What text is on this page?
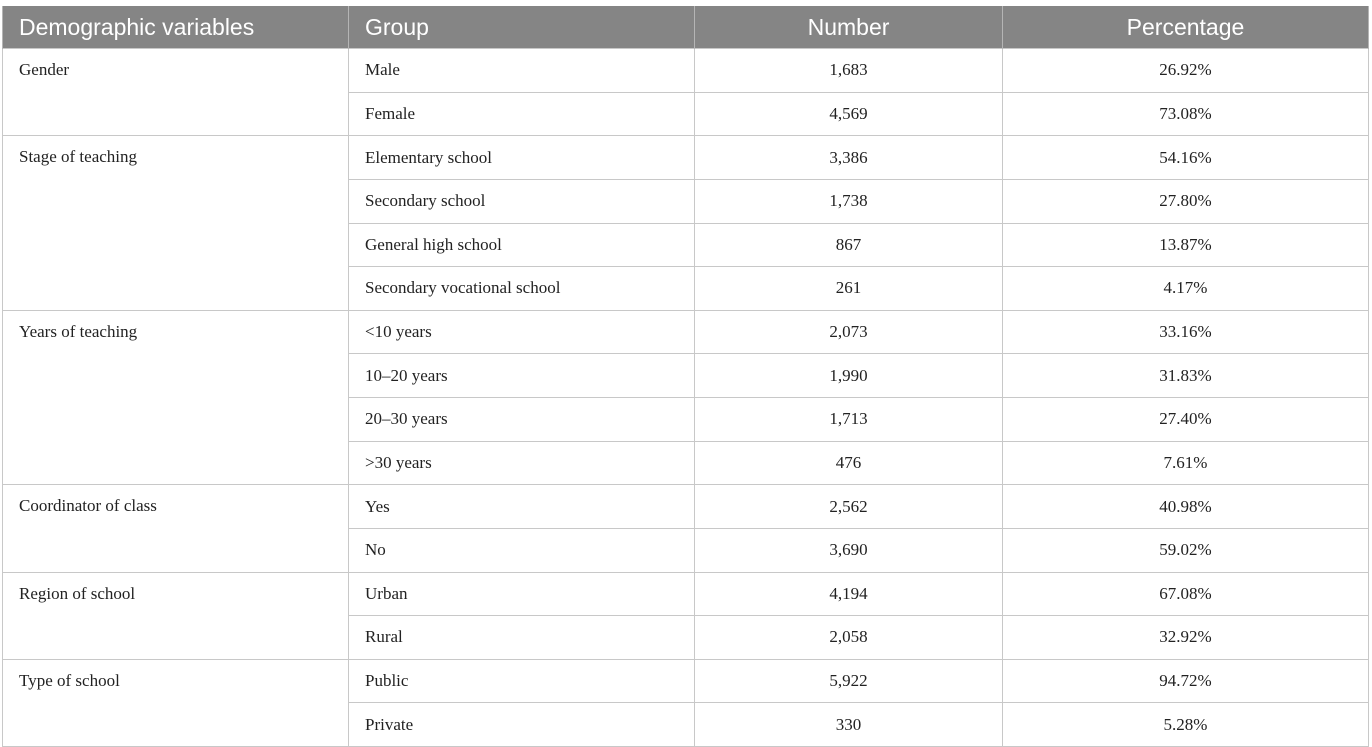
Demographic variables	Group	Number	Percentage
Gender	Male	1,683	26.92%
	Female	4,569	73.08%
Stage of teaching	Elementary school	3,386	54.16%
	Secondary school	1,738	27.80%
	General high school	867	13.87%
	Secondary vocational school	261	4.17%
Years of teaching	<10 years	2,073	33.16%
	10–20 years	1,990	31.83%
	20–30 years	1,713	27.40%
	>30 years	476	7.61%
Coordinator of class	Yes	2,562	40.98%
	No	3,690	59.02%
Region of school	Urban	4,194	67.08%
	Rural	2,058	32.92%
Type of school	Public	5,922	94.72%
	Private	330	5.28%
